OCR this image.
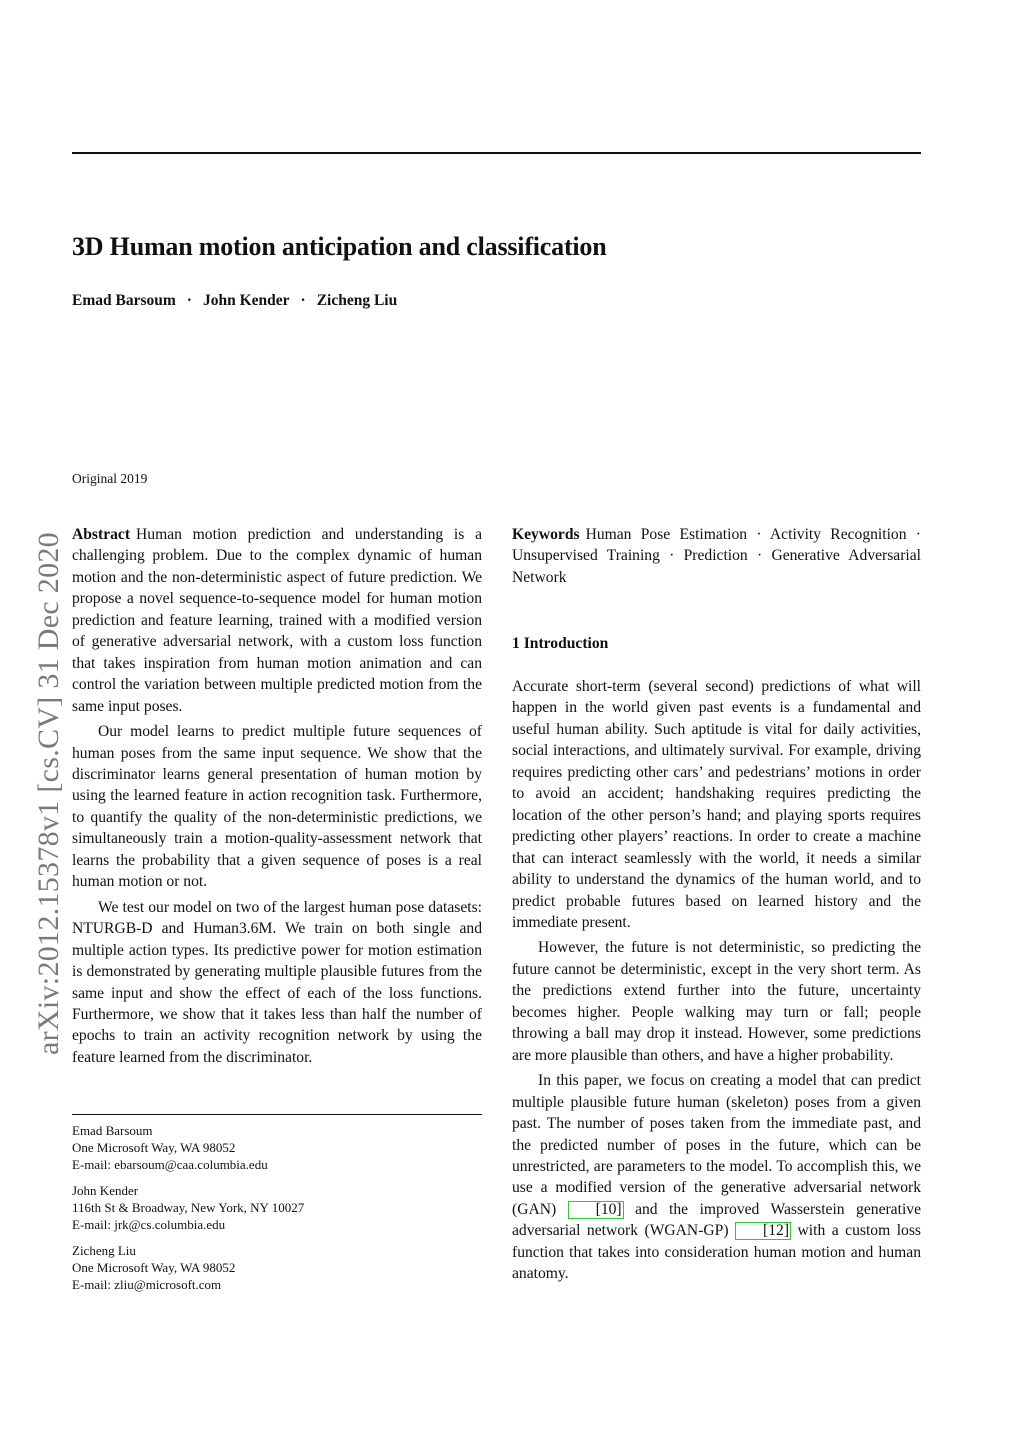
arXiv:2012.15378v1 [cs.CV] 31 Dec 2020
3D Human motion anticipation and classification
Emad Barsoum · John Kender · Zicheng Liu
Original 2019

Abstract Human motion prediction and understanding is a challenging problem. Due to the complex dynamic of human motion and the non-deterministic aspect of future prediction. We propose a novel sequence-to-sequence model for human motion prediction and feature learning, trained with a modified version of generative adversarial network, with a custom loss function that takes inspiration from human motion animation and can control the variation between multiple predicted motion from the same input poses.

Our model learns to predict multiple future sequences of human poses from the same input sequence. We show that the discriminator learns general presentation of human motion by using the learned feature in action recognition task. Furthermore, to quantify the quality of the non-deterministic predictions, we simultaneously train a motion-quality-assessment network that learns the probability that a given sequence of poses is a real human motion or not.

We test our model on two of the largest human pose datasets: NTURGB-D and Human3.6M. We train on both single and multiple action types. Its predictive power for motion estimation is demonstrated by generating multiple plausible futures from the same input and show the effect of each of the loss functions. Furthermore, we show that it takes less than half the number of epochs to train an activity recognition network by using the feature learned from the discriminator.

Keywords Human Pose Estimation · Activity Recognition · Unsupervised Training · Prediction · Generative Adversarial Network

1 Introduction

Accurate short-term (several second) predictions of what will happen in the world given past events is a fundamental and useful human ability. Such aptitude is vital for daily activities, social interactions, and ultimately survival. For example, driving requires predicting other cars’ and pedestrians’ motions in order to avoid an accident; handshaking requires predicting the location of the other person’s hand; and playing sports requires predicting other players’ reactions. In order to create a machine that can interact seamlessly with the world, it needs a similar ability to understand the dynamics of the human world, and to predict probable futures based on learned history and the immediate present.

However, the future is not deterministic, so predicting the future cannot be deterministic, except in the very short term. As the predictions extend further into the future, uncertainty becomes higher. People walking may turn or fall; people throwing a ball may drop it instead. However, some predictions are more plausible than others, and have a higher probability.

In this paper, we focus on creating a model that can predict multiple plausible future human (skeleton) poses from a given past. The number of poses taken from the immediate past, and the predicted number of poses in the future, which can be unrestricted, are parameters to the model. To accomplish this, we use a modified version of the generative adversarial network (GAN) [10] and the improved Wasserstein generative adversarial network (WGAN-GP) [12] with a custom loss function that takes into consideration human motion and human anatomy.

Emad Barsoum
One Microsoft Way, WA 98052
E-mail: ebarsoum@caa.columbia.edu
John Kender
116th St & Broadway, New York, NY 10027
E-mail: jrk@cs.columbia.edu
Zicheng Liu
One Microsoft Way, WA 98052
E-mail: zliu@microsoft.com
